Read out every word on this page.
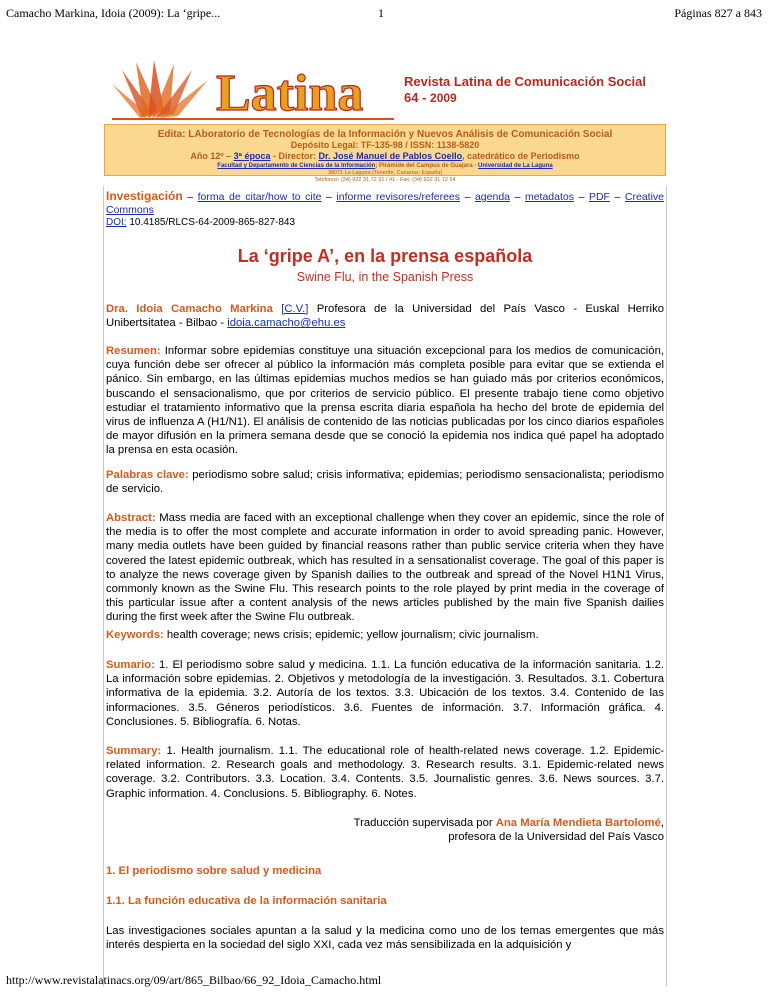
Camacho Markina, Idoia (2009): La ‘gripe...	1	Páginas 827 a 843
Latina	Revista Latina de Comunicación Social
64 - 2009
Edita: LAboratorio de Tecnologías de la Información y Nuevos Análisis de Comunicación Social
Depósito Legal: TF-135-98 / ISSN: 1138-5820
Año 12º – 3ª época - Director: Dr. José Manuel de Pablos Coello, catedrático de Periodismo
Facultad y Departamento de Ciencias de la Información; Pirámide del Campus de Guajara - Universidad de La Laguna
38071 La Laguna (Tenerife, Canarias; España)
Teléfonos: (34) 922 31 72 31 / 41 - Fax: (34) 922 31 72 54
Investigación – forma de citar/how to cite – informe revisores/referees – agenda – metadatos – PDF – Creative Commons
DOI: 10.4185/RLCS-64-2009-865-827-843
La ‘gripe A’, en la prensa española
Swine Flu, in the Spanish Press

Dra. Idoia Camacho Markina [C.V.] Profesora de la Universidad del País Vasco - Euskal Herriko Unibertsitatea - Bilbao - idoia.camacho@ehu.es

Resumen: Informar sobre epidemias constituye una situación excepcional para los medios de comunicación, cuya función debe ser ofrecer al público la información más completa posible para evitar que se extienda el pánico. Sin embargo, en las últimas epidemias muchos medios se han guiado más por criterios económicos, buscando el sensacionalismo, que por criterios de servicio público. El presente trabajo tiene como objetivo estudiar el tratamiento informativo que la prensa escrita diaria española ha hecho del brote de epidemia del virus de influenza A (H1/N1). El análisis de contenido de las noticias publicadas por los cinco diarios españoles de mayor difusión en la primera semana desde que se conoció la epidemia nos indica qué papel ha adoptado la prensa en esta ocasión.

Palabras clave: periodismo sobre salud; crisis informativa; epidemias; periodismo sensacionalista; periodismo de servicio.

Abstract: Mass media are faced with an exceptional challenge when they cover an epidemic, since the role of the media is to offer the most complete and accurate information in order to avoid spreading panic. However, many media outlets have been guided by financial reasons rather than public service criteria when they have covered the latest epidemic outbreak, which has resulted in a sensationalist coverage. The goal of this paper is to analyze the news coverage given by Spanish dailies to the outbreak and spread of the Novel H1N1 Virus, commonly known as the Swine Flu. This research points to the role played by print media in the coverage of this particular issue after a content analysis of the news articles published by the main five Spanish dailies during the first week after the Swine Flu outbreak.

Keywords: health coverage; news crisis; epidemic; yellow journalism; civic journalism.

Sumario: 1. El periodismo sobre salud y medicina. 1.1. La función educativa de la información sanitaria. 1.2. La información sobre epidemias. 2. Objetivos y metodología de la investigación. 3. Resultados. 3.1. Cobertura informativa de la epidemia. 3.2. Autoría de los textos. 3.3. Ubicación de los textos. 3.4. Contenido de las informaciones. 3.5. Géneros periodísticos. 3.6. Fuentes de información. 3.7. Información gráfica. 4. Conclusiones. 5. Bibliografía. 6. Notas.

Summary: 1. Health journalism. 1.1. The educational role of health-related news coverage. 1.2. Epidemic-related information. 2. Research goals and methodology. 3. Research results. 3.1. Epidemic-related news coverage. 3.2. Contributors. 3.3. Location. 3.4. Contents. 3.5. Journalistic genres. 3.6. News sources. 3.7. Graphic information. 4. Conclusions. 5. Bibliography. 6. Notes.

Traducción supervisada por Ana María Mendieta Bartolomé,
profesora de la Universidad del País Vasco
1. El periodismo sobre salud y medicina
1.1. La función educativa de la información sanitaria

Las investigaciones sociales apuntan a la salud y la medicina como uno de los temas emergentes que más interés despierta en la sociedad del siglo XXI, cada vez más sensibilizada en la adquisición y

http://www.revistalatinacs.org/09/art/865_Bilbao/66_92_Idoia_Camacho.html
